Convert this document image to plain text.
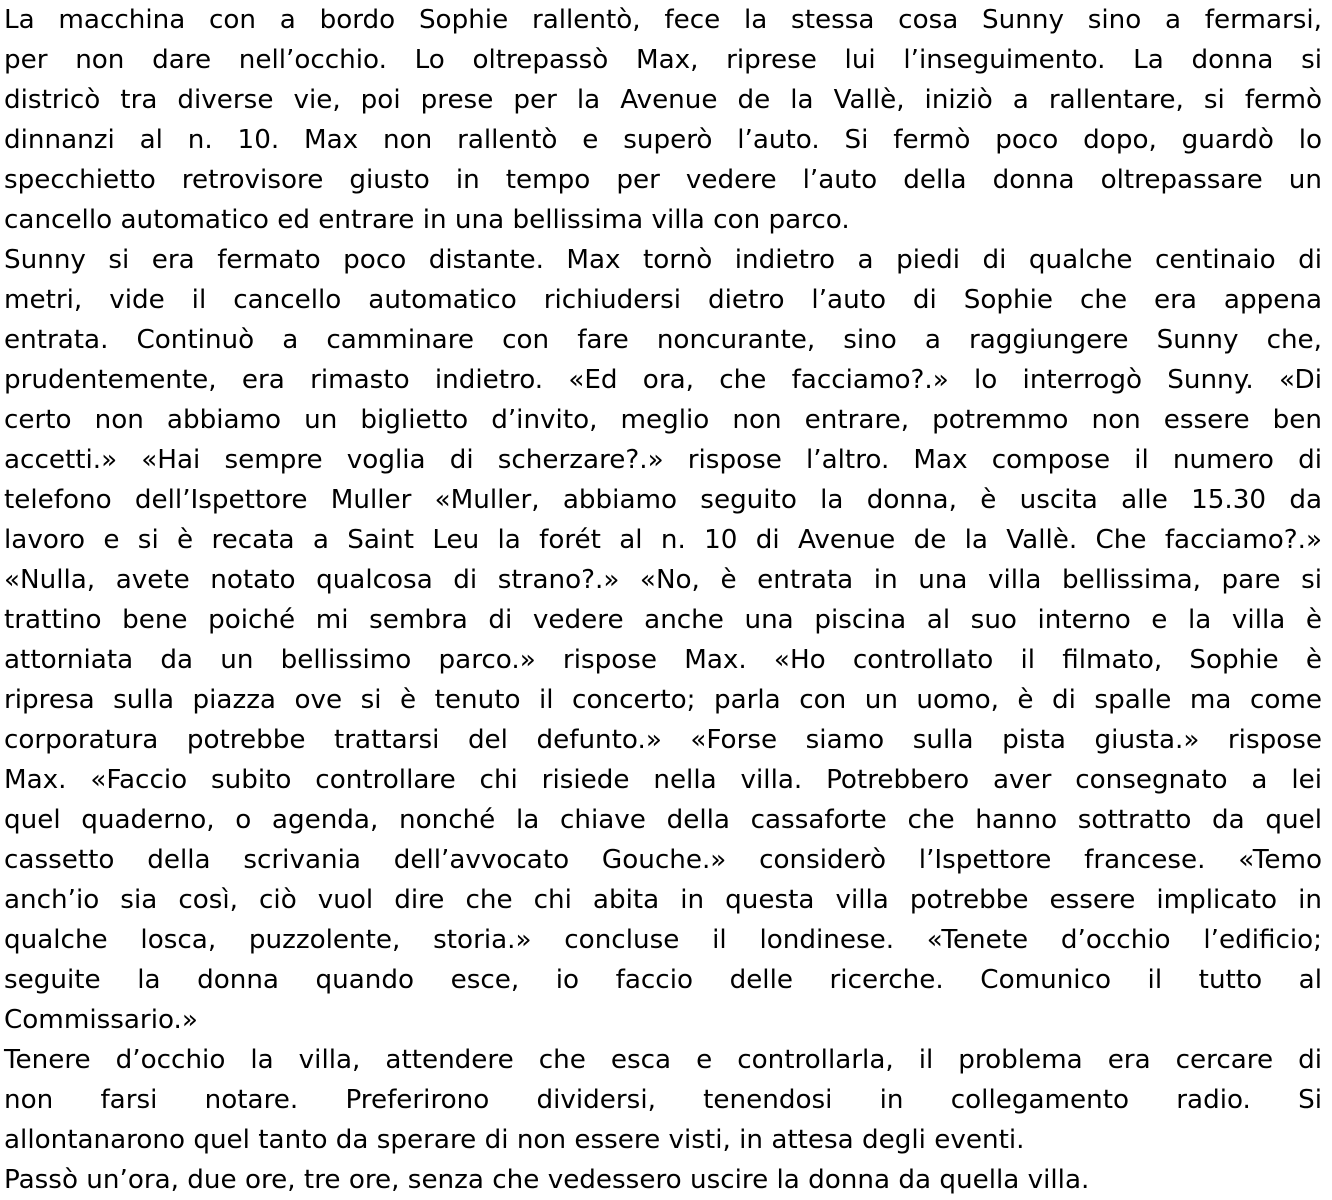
La macchina con a bordo Sophie rallentò, fece la stessa cosa Sunny sino a fermarsi,
per non dare nell’occhio. Lo oltrepassò Max, riprese lui l’inseguimento. La donna si
districò tra diverse vie, poi prese per la Avenue de la Vallè, iniziò a rallentare, si fermò
dinnanzi al n. 10. Max non rallentò e superò l’auto. Si fermò poco dopo, guardò lo
specchietto retrovisore giusto in tempo per vedere l’auto della donna oltrepassare un
cancello automatico ed entrare in una bellissima villa con parco.
Sunny si era fermato poco distante. Max tornò indietro a piedi di qualche centinaio di
metri, vide il cancello automatico richiudersi dietro l’auto di Sophie che era appena
entrata. Continuò a camminare con fare noncurante, sino a raggiungere Sunny che,
prudentemente, era rimasto indietro. «Ed ora, che facciamo?.» lo interrogò Sunny. «Di
certo non abbiamo un biglietto d’invito, meglio non entrare, potremmo non essere ben
accetti.» «Hai sempre voglia di scherzare?.» rispose l’altro. Max compose il numero di
telefono dell’Ispettore Muller «Muller, abbiamo seguito la donna, è uscita alle 15.30 da
lavoro e si è recata a Saint Leu la forét al n. 10 di Avenue de la Vallè. Che facciamo?.»
«Nulla, avete notato qualcosa di strano?.» «No, è entrata in una villa bellissima, pare si
trattino bene poiché mi sembra di vedere anche una piscina al suo interno e la villa è
attorniata da un bellissimo parco.» rispose Max. «Ho controllato il filmato, Sophie è
ripresa sulla piazza ove si è tenuto il concerto; parla con un uomo, è di spalle ma come
corporatura potrebbe trattarsi del defunto.» «Forse siamo sulla pista giusta.» rispose
Max. «Faccio subito controllare chi risiede nella villa. Potrebbero aver consegnato a lei
quel quaderno, o agenda, nonché la chiave della cassaforte che hanno sottratto da quel
cassetto della scrivania dell’avvocato Gouche.» considerò l’Ispettore francese. «Temo
anch’io sia così, ciò vuol dire che chi abita in questa villa potrebbe essere implicato in
qualche losca, puzzolente, storia.» concluse il londinese. «Tenete d’occhio l’edificio;
seguite la donna quando esce, io faccio delle ricerche. Comunico il tutto al
Commissario.»
Tenere d’occhio la villa, attendere che esca e controllarla, il problema era cercare di
non farsi notare. Preferirono dividersi, tenendosi in collegamento radio. Si
allontanarono quel tanto da sperare di non essere visti, in attesa degli eventi.
Passò un’ora, due ore, tre ore, senza che vedessero uscire la donna da quella villa.
